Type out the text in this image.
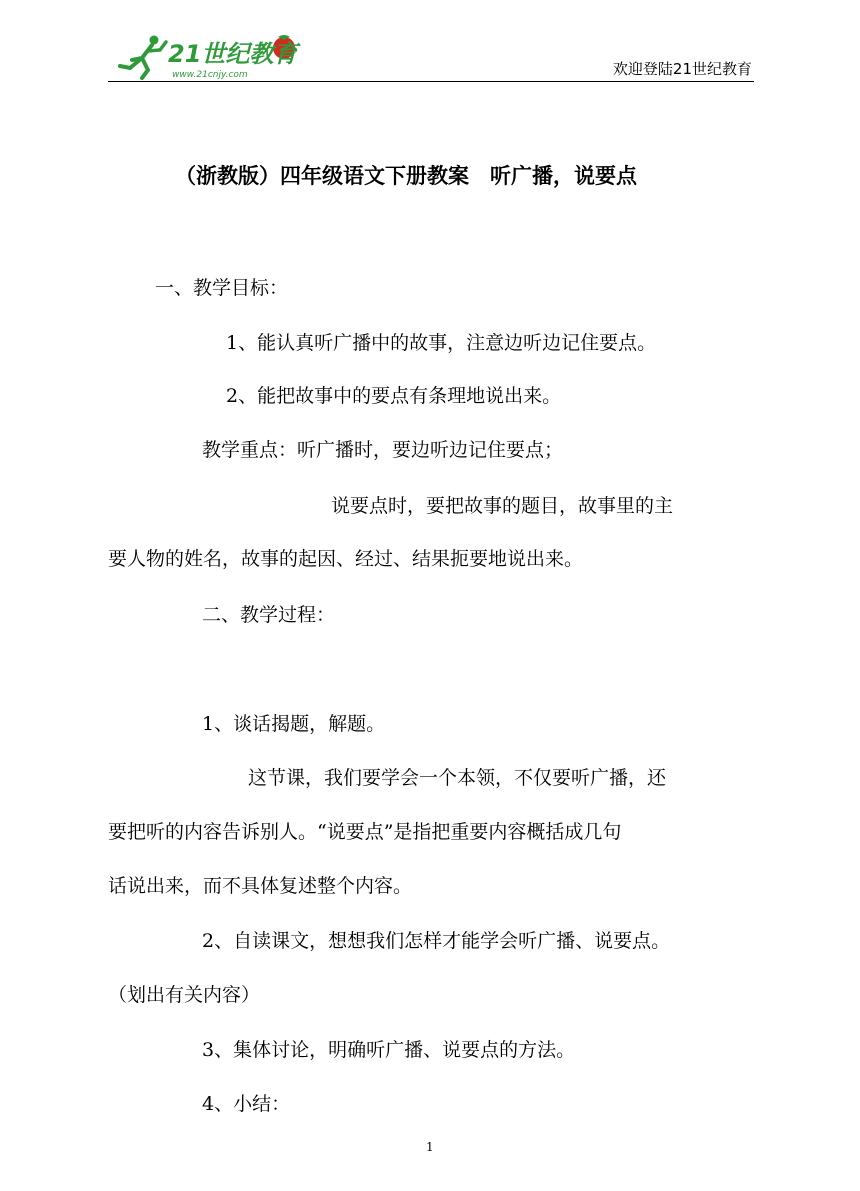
21世纪教育
www.21cnjy.com	欢迎登陆21世纪教育
（浙教版）四年级语文下册教案　听广播，说要点
一、教学目标：
1、能认真听广播中的故事，注意边听边记住要点。
2、能把故事中的要点有条理地说出来。
教学重点：听广播时，要边听边记住要点；
说要点时，要把故事的题目，故事里的主
要人物的姓名，故事的起因、经过、结果扼要地说出来。
二、教学过程：
1、谈话揭题，解题。
这节课，我们要学会一个本领，不仅要听广播，还
要把听的内容告诉别人。“说要点”是指把重要内容概括成几句
话说出来，而不具体复述整个内容。
2、自读课文，想想我们怎样才能学会听广播、说要点。
（划出有关内容）
3、集体讨论，明确听广播、说要点的方法。
4、小结：
1
